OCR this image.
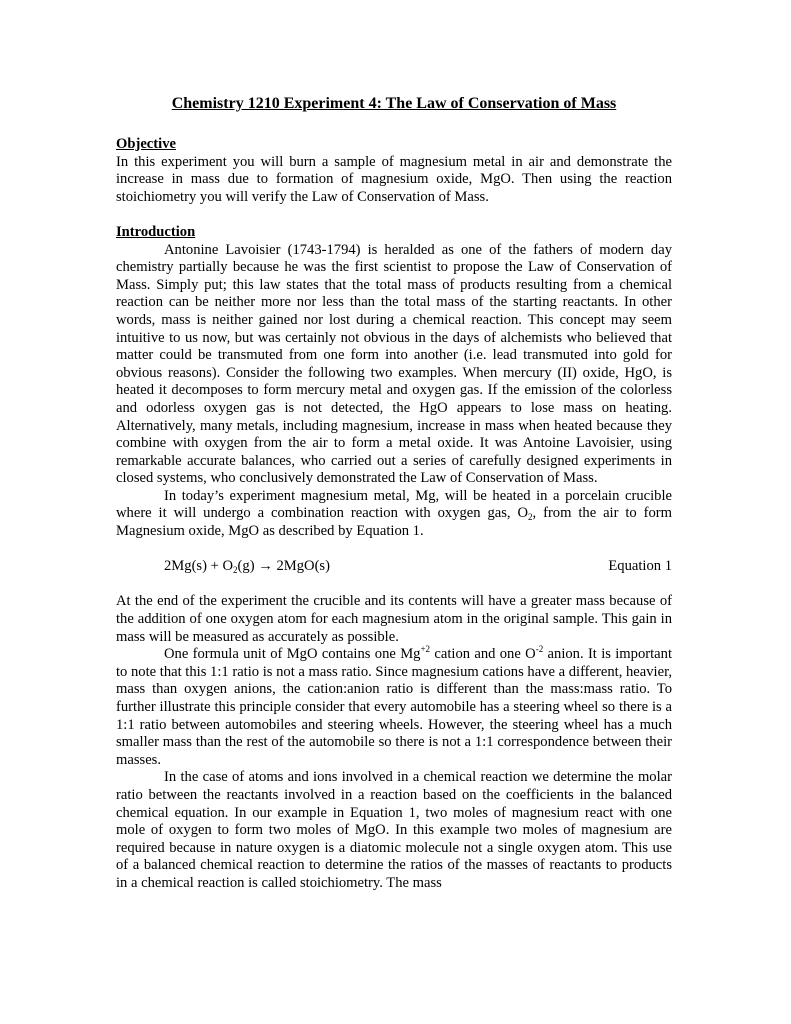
Chemistry 1210 Experiment 4: The Law of Conservation of Mass

Objective

In this experiment you will burn a sample of magnesium metal in air and demonstrate the increase in mass due to formation of magnesium oxide, MgO. Then using the reaction stoichiometry you will verify the Law of Conservation of Mass.

Introduction

Antonine Lavoisier (1743-1794) is heralded as one of the fathers of modern day chemistry partially because he was the first scientist to propose the Law of Conservation of Mass. Simply put; this law states that the total mass of products resulting from a chemical reaction can be neither more nor less than the total mass of the starting reactants. In other words, mass is neither gained nor lost during a chemical reaction. This concept may seem intuitive to us now, but was certainly not obvious in the days of alchemists who believed that matter could be transmuted from one form into another (i.e. lead transmuted into gold for obvious reasons). Consider the following two examples. When mercury (II) oxide, HgO, is heated it decomposes to form mercury metal and oxygen gas. If the emission of the colorless and odorless oxygen gas is not detected, the HgO appears to lose mass on heating. Alternatively, many metals, including magnesium, increase in mass when heated because they combine with oxygen from the air to form a metal oxide. It was Antoine Lavoisier, using remarkable accurate balances, who carried out a series of carefully designed experiments in closed systems, who conclusively demonstrated the Law of Conservation of Mass.

In today’s experiment magnesium metal, Mg, will be heated in a porcelain crucible where it will undergo a combination reaction with oxygen gas, $O_2$, from the air to form Magnesium oxide, MgO as described by Equation 1.

$2Mg(s) + O_2(g) \to 2MgO(s)$	Equation 1

At the end of the experiment the crucible and its contents will have a greater mass because of the addition of one oxygen atom for each magnesium atom in the original sample. This gain in mass will be measured as accurately as possible.

One formula unit of MgO contains one $Mg^{+2}$ cation and one $O^{-2}$ anion. It is important to note that this 1:1 ratio is not a mass ratio. Since magnesium cations have a different, heavier, mass than oxygen anions, the cation:anion ratio is different than the mass:mass ratio. To further illustrate this principle consider that every automobile has a steering wheel so there is a 1:1 ratio between automobiles and steering wheels. However, the steering wheel has a much smaller mass than the rest of the automobile so there is not a 1:1 correspondence between their masses.

In the case of atoms and ions involved in a chemical reaction we determine the molar ratio between the reactants involved in a reaction based on the coefficients in the balanced chemical equation. In our example in Equation 1, two moles of magnesium react with one mole of oxygen to form two moles of MgO. In this example two moles of magnesium are required because in nature oxygen is a diatomic molecule not a single oxygen atom. This use of a balanced chemical reaction to determine the ratios of the masses of reactants to products in a chemical reaction is called stoichiometry. The mass
